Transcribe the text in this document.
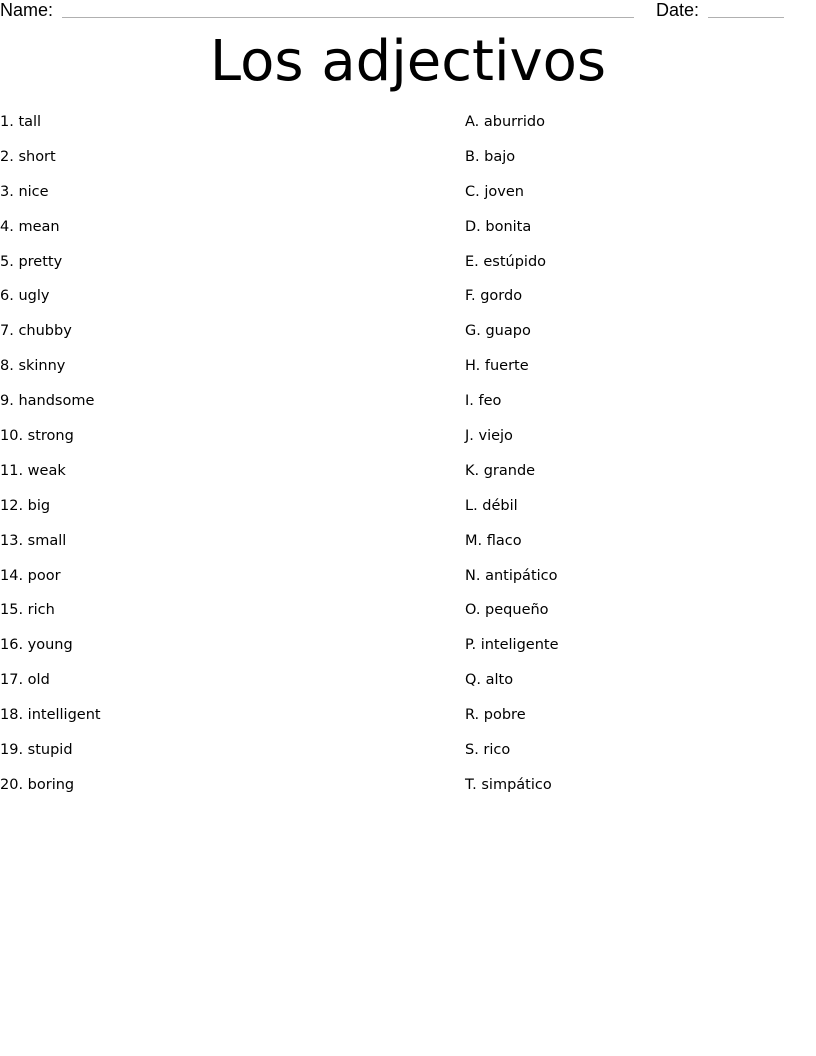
Name:	Date:
Los adjectivos
1. tall
2. short
3. nice
4. mean
5. pretty
6. ugly
7. chubby
8. skinny
9. handsome
10. strong
11. weak
12. big
13. small
14. poor
15. rich
16. young
17. old
18. intelligent
19. stupid
20. boring
A. aburrido
B. bajo
C. joven
D. bonita
E. estúpido
F. gordo
G. guapo
H. fuerte
I. feo
J. viejo
K. grande
L. débil
M. flaco
N. antipático
O. pequeño
P. inteligente
Q. alto
R. pobre
S. rico
T. simpático
